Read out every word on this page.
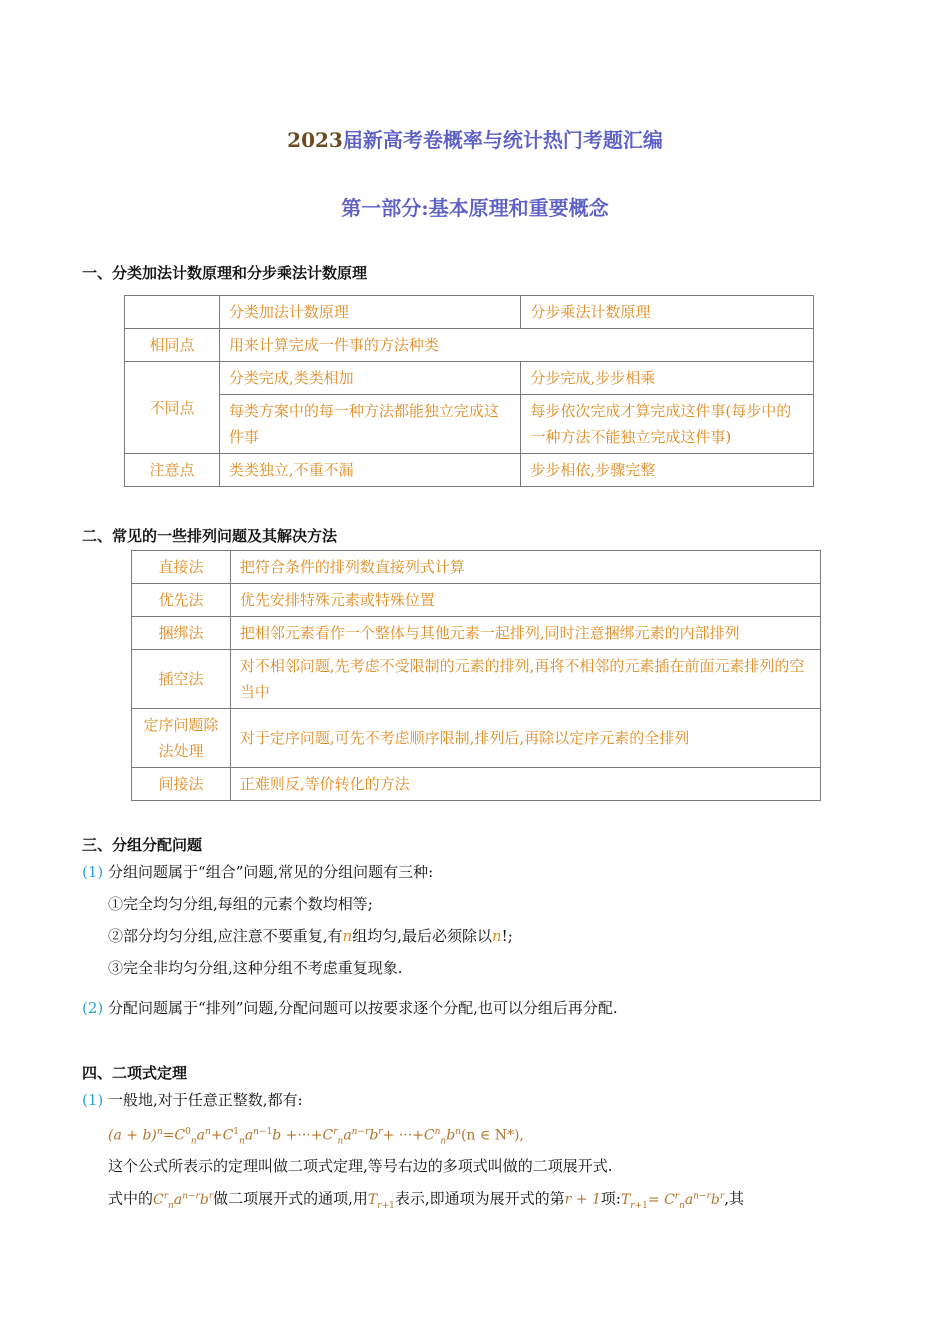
2023届新高考卷概率与统计热门考题汇编
第一部分:基本原理和重要概念
一、分类加法计数原理和分步乘法计数原理
	分类加法计数原理	分步乘法计数原理
相同点	用来计算完成一件事的方法种类	
不同点	分类完成,类类相加	分步完成,步步相乘
	每类方案中的每一种方法都能独立完成这件事	每步依次完成才算完成这件事(每步中的一种方法不能独立完成这件事)
注意点	类类独立,不重不漏	步步相依,步骤完整
二、常见的一些排列问题及其解决方法
直接法	把符合条件的排列数直接列式计算
优先法	优先安排特殊元素或特殊位置
捆绑法	把相邻元素看作一个整体与其他元素一起排列,同时注意捆绑元素的内部排列
插空法	对不相邻问题,先考虑不受限制的元素的排列,再将不相邻的元素插在前面元素排列的空当中
定序问题除法处理	对于定序问题,可先不考虑顺序限制,排列后,再除以定序元素的全排列
间接法	正难则反,等价转化的方法
三、分组分配问题
(1) 分组问题属于“组合”问题,常见的分组问题有三种:
①完全均匀分组,每组的元素个数均相等;
②部分均匀分组,应注意不要重复,有n组均匀,最后必须除以n!;
③完全非均匀分组,这种分组不考虑重复现象.
(2) 分配问题属于“排列”问题,分配问题可以按要求逐个分配,也可以分组后再分配.
四、二项式定理
(1) 一般地,对于任意正整数,都有:
$(a + b)^n=C^0_na^n+C^1_na^{n-1}b +\cdot\cdot\cdot+C^r_na^{n-r}b^r+ \cdot\cdot\cdot+C^n_nb^n(n$ ∈ N*),
这个公式所表示的定理叫做二项式定理,等号右边的多项式叫做的二项展开式.
式中的$C^r_na^{n-r}b^r$做二项展开式的通项,用$T_{r+1}$表示,即通项为展开式的第r + 1项$:T_{r+1}= C^r_na^{n-r}b^r$,其
